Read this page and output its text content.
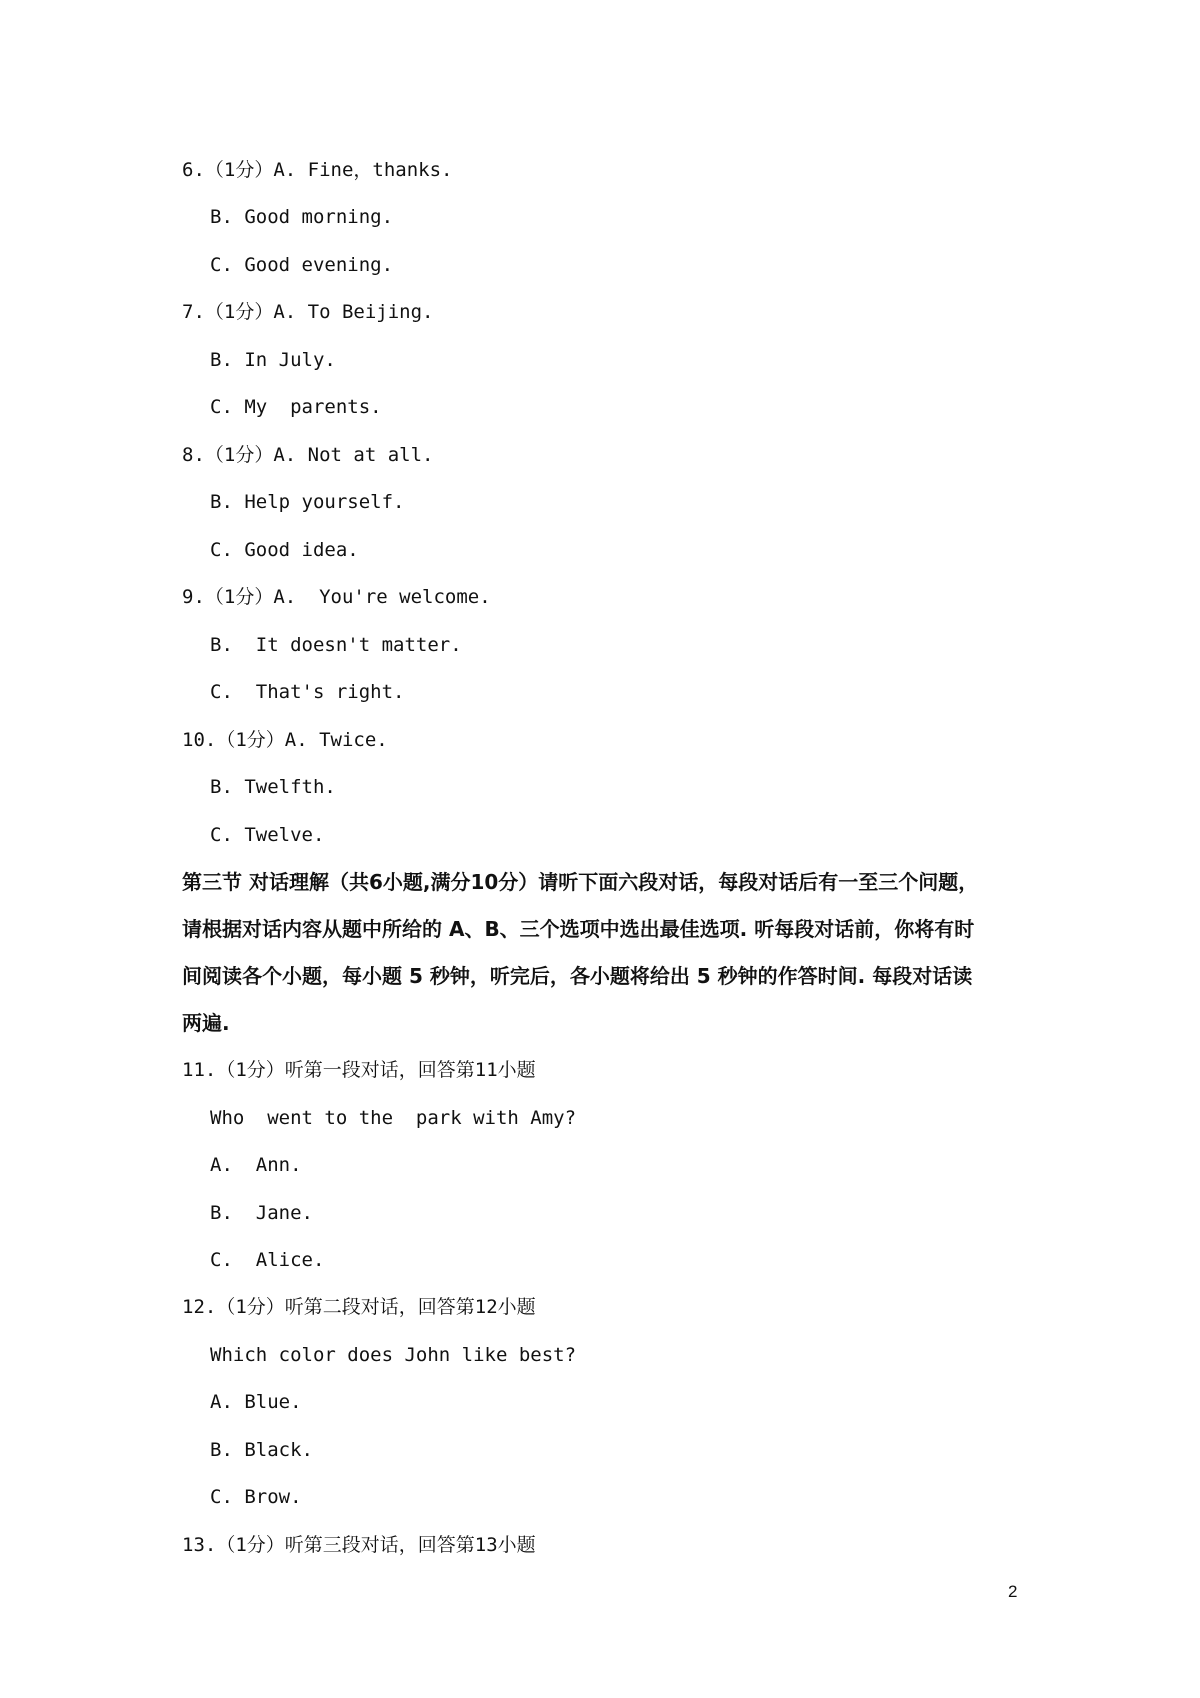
6.（1分）A. Fine，thanks.
B. Good morning.
C. Good evening.
7.（1分）A. To Beijing.
B. In July.
C. My  parents.
8.（1分）A. Not at all.
B. Help yourself.
C. Good idea.
9.（1分）A.  You're welcome.
B.  It doesn't matter.
C.  That's right.
10.（1分）A. Twice.
B. Twelfth.
C. Twelve.
第三节 对话理解（共6小题,满分10分）请听下面六段对话，每段对话后有一至三个问题，
请根据对话内容从题中所给的 A、B、三个选项中选出最佳选项. 听每段对话前，你将有时
间阅读各个小题，每小题 5 秒钟，听完后，各小题将给出 5 秒钟的作答时间. 每段对话读
两遍.
11.（1分）听第一段对话，回答第11小题
Who  went to the  park with Amy?
A.  Ann.
B.  Jane.
C.  Alice.
12.（1分）听第二段对话，回答第12小题
Which color does John like best?
A. Blue.
B. Black.
C. Brow.
13.（1分）听第三段对话，回答第13小题
2
